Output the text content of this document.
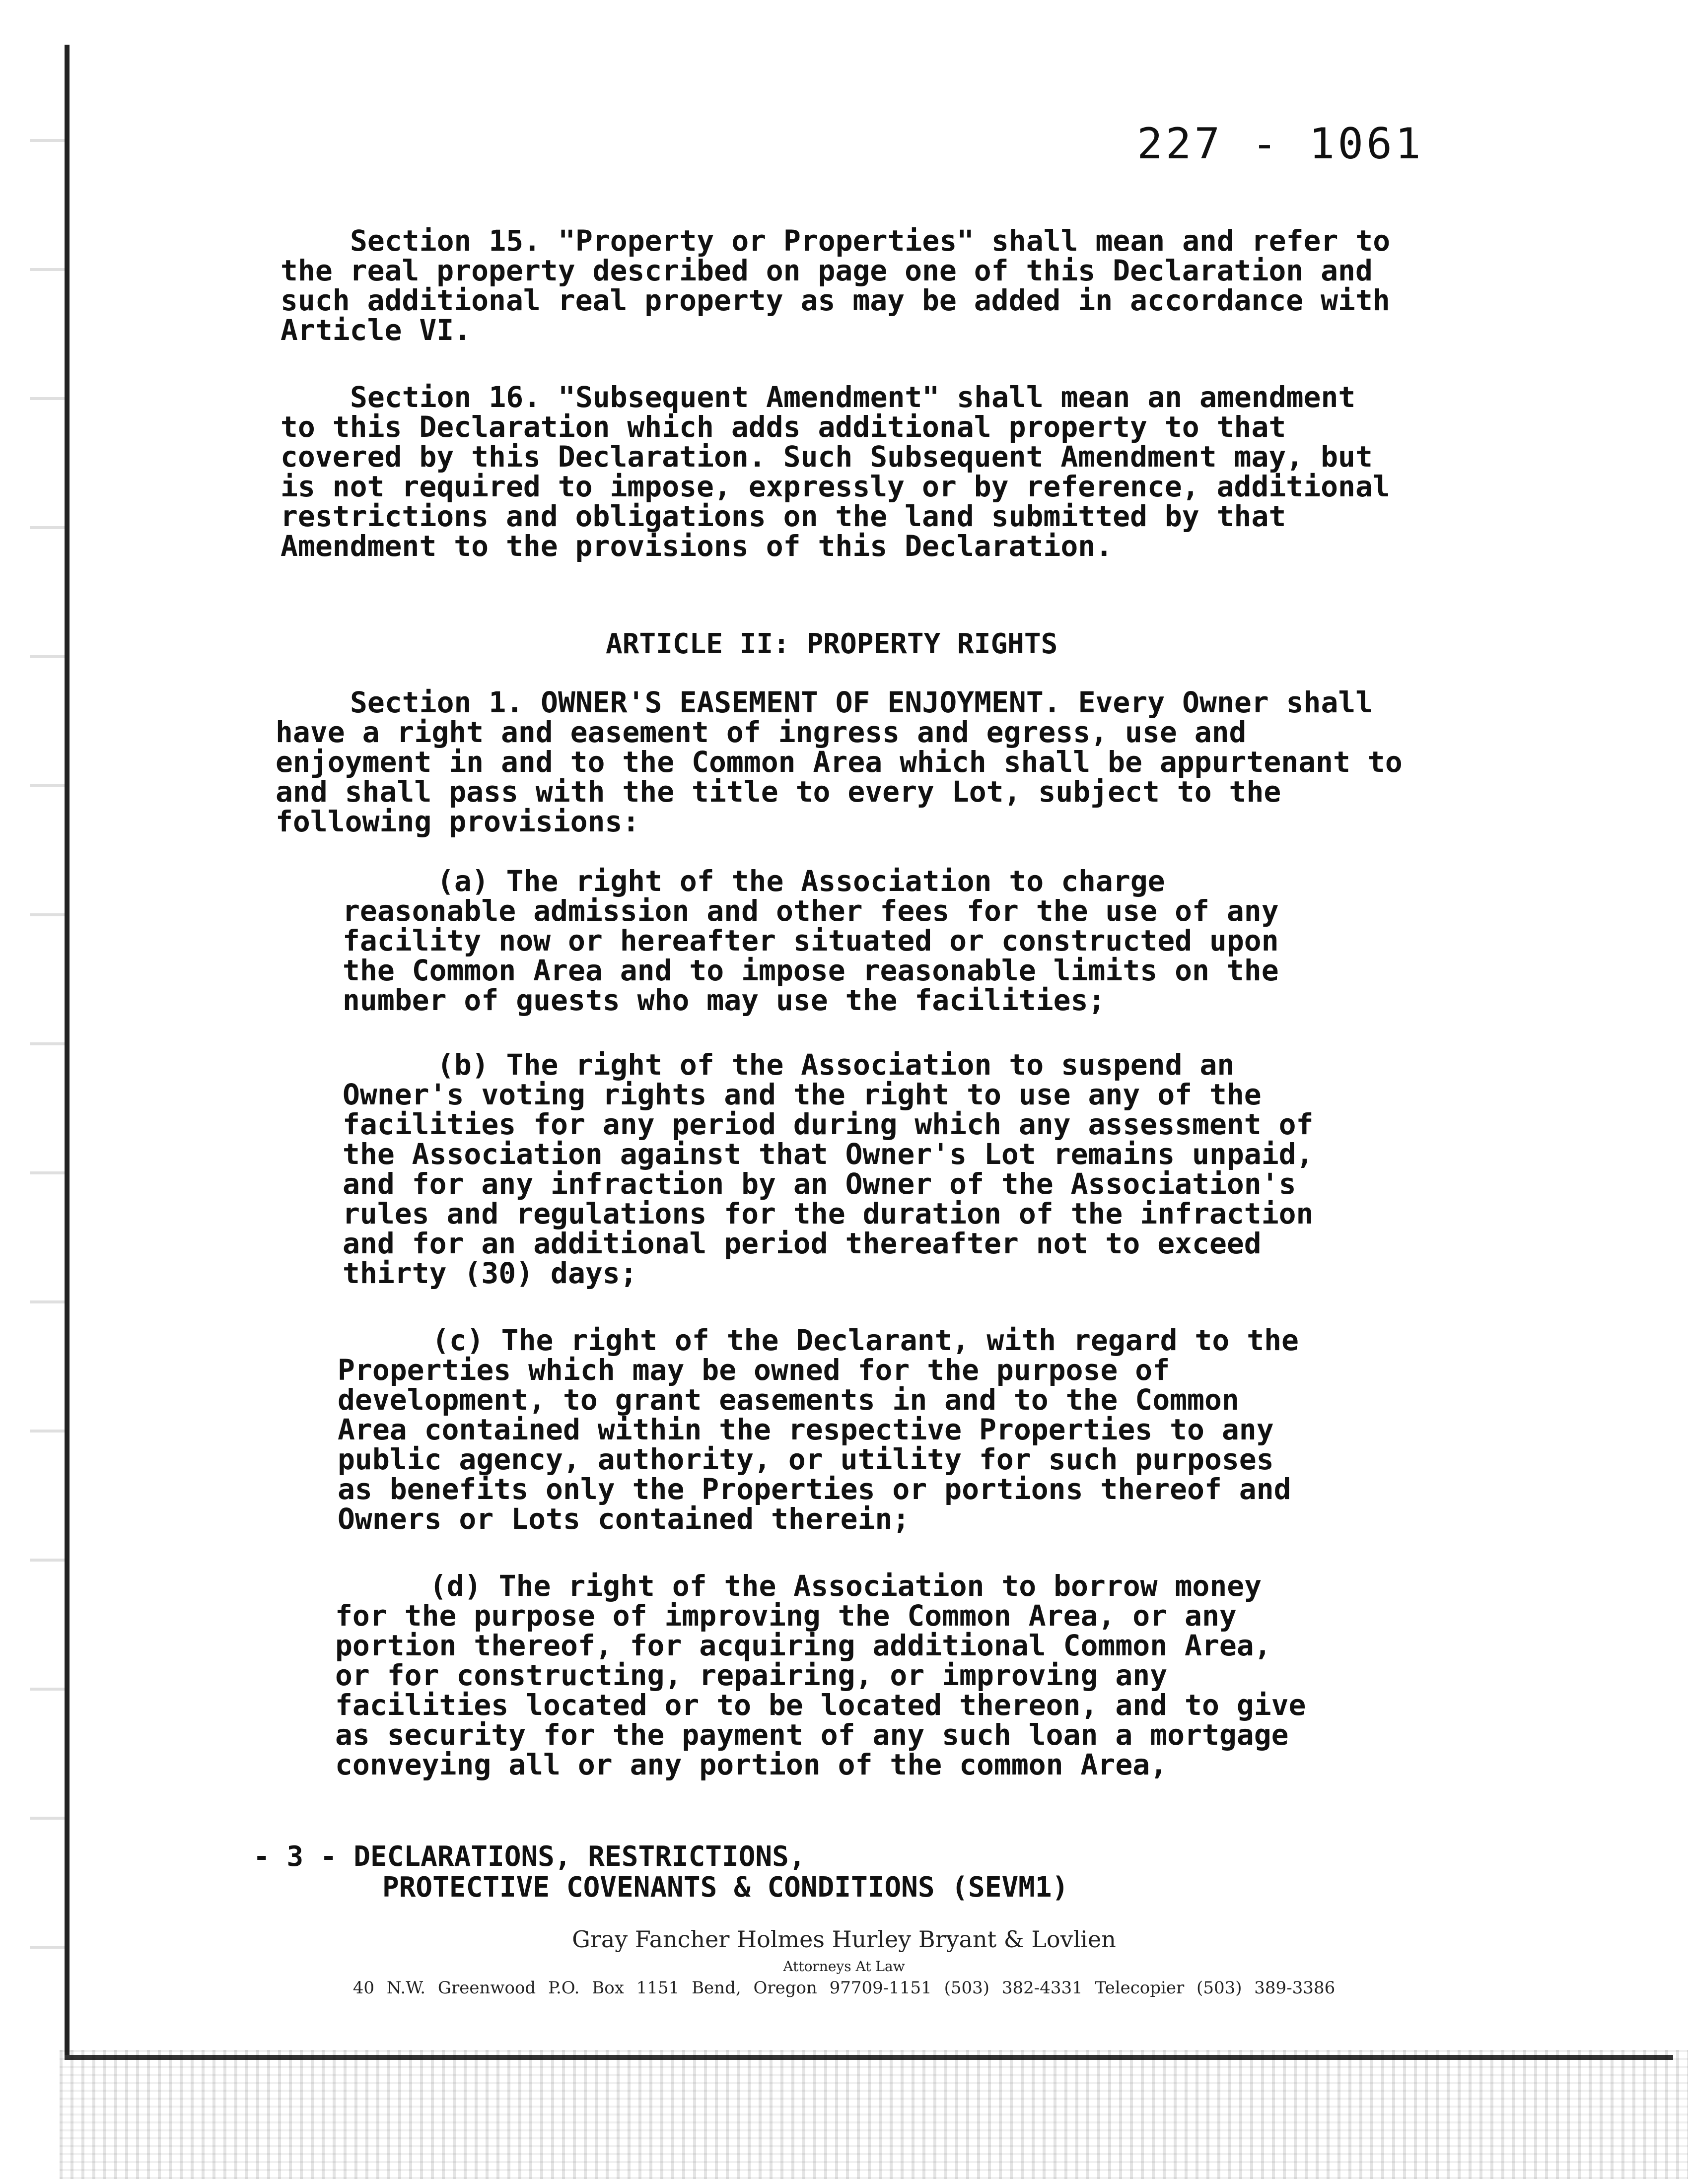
227 - 1061
Section 15. "Property or Properties" shall mean and refer to
the real property described on page one of this Declaration and
such additional real property as may be added in accordance with
Article VI.
Section 16. "Subsequent Amendment" shall mean an amendment
to this Declaration which adds additional property to that
covered by this Declaration. Such Subsequent Amendment may, but
is not required to impose, expressly or by reference, additional
restrictions and obligations on the land submitted by that
Amendment to the provisions of this Declaration.
ARTICLE II: PROPERTY RIGHTS
Section 1. OWNER'S EASEMENT OF ENJOYMENT. Every Owner shall
have a right and easement of ingress and egress, use and
enjoyment in and to the Common Area which shall be appurtenant to
and shall pass with the title to every Lot, subject to the
following provisions:
(a) The right of the Association to charge
reasonable admission and other fees for the use of any
facility now or hereafter situated or constructed upon
the Common Area and to impose reasonable limits on the
number of guests who may use the facilities;
(b) The right of the Association to suspend an
Owner's voting rights and the right to use any of the
facilities for any period during which any assessment of
the Association against that Owner's Lot remains unpaid,
and for any infraction by an Owner of the Association's
rules and regulations for the duration of the infraction
and for an additional period thereafter not to exceed
thirty (30) days;
(c) The right of the Declarant, with regard to the
Properties which may be owned for the purpose of
development, to grant easements in and to the Common
Area contained within the respective Properties to any
public agency, authority, or utility for such purposes
as benefits only the Properties or portions thereof and
Owners or Lots contained therein;
(d) The right of the Association to borrow money
for the purpose of improving the Common Area, or any
portion thereof, for acquiring additional Common Area,
or for constructing, repairing, or improving any
facilities located or to be located thereon, and to give
as security for the payment of any such loan a mortgage
conveying all or any portion of the common Area,
- 3 - DECLARATIONS, RESTRICTIONS,
PROTECTIVE COVENANTS & CONDITIONS (SEVM1)
Gray Fancher Holmes Hurley Bryant & Lovlien
Attorneys At Law
40 N.W. Greenwood P.O. Box 1151 Bend, Oregon 97709-1151 (503) 382-4331 Telecopier (503) 389-3386
